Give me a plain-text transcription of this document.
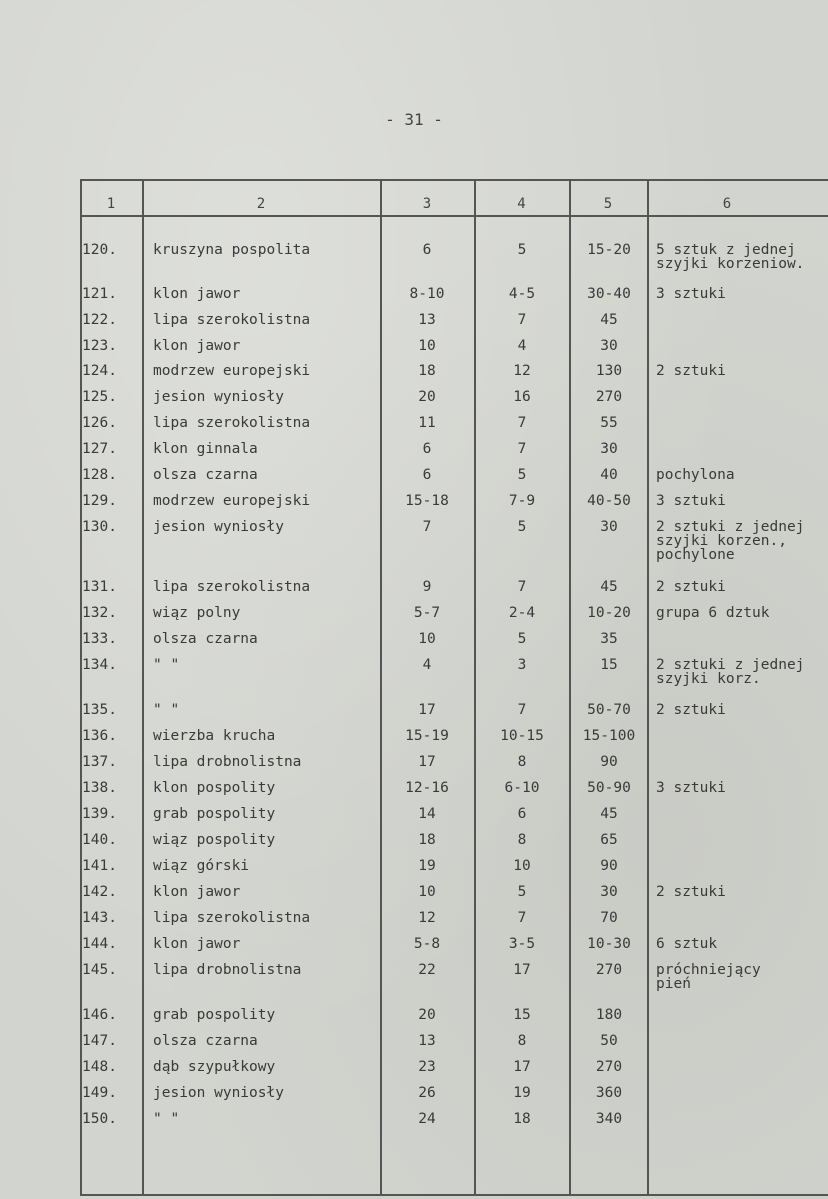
- 31 -
1	2	3	4	5	6
120. kruszyna pospolita	6	5	15-20	5 sztuk z jednej
szyjki korzeniow.
121. klon jawor	8-10	4-5	30-40	3 sztuki
122. lipa szerokolistna	13	7	45
123. klon jawor	10	4	30
124. modrzew europejski	18	12	130	2 sztuki
125. jesion wyniosły	20	16	270
126. lipa szerokolistna	11	7	55
127. klon ginnala	6	7	30
128. olsza czarna	6	5	40	pochylona
129. modrzew europejski	15-18	7-9	40-50	3 sztuki
130. jesion wyniosły	7	5	30	2 sztuki z jednej
szyjki korzen.,
pochylone
131. lipa szerokolistna	9	7	45	2 sztuki
132. wiąz polny	5-7	2-4	10-20	grupa 6 dztuk
133. olsza czarna	10	5	35
134. " "	4	3	15	2 sztuki z jednej
szyjki korz.
135. " "	17	7	50-70	2 sztuki
136. wierzba krucha	15-19	10-15	15-100
137. lipa drobnolistna	17	8	90
138. klon pospolity	12-16	6-10	50-90	3 sztuki
139. grab pospolity	14	6	45
140. wiąz pospolity	18	8	65
141. wiąz górski	19	10	90
142. klon jawor	10	5	30	2 sztuki
143. lipa szerokolistna	12	7	70
144. klon jawor	5-8	3-5	10-30	6 sztuk
145. lipa drobnolistna	22	17	270	próchniejący
pień
146. grab pospolity	20	15	180
147. olsza czarna	13	8	50
148. dąb szypułkowy	23	17	270
149. jesion wyniosły	26	19	360
150. " "	24	18	340
